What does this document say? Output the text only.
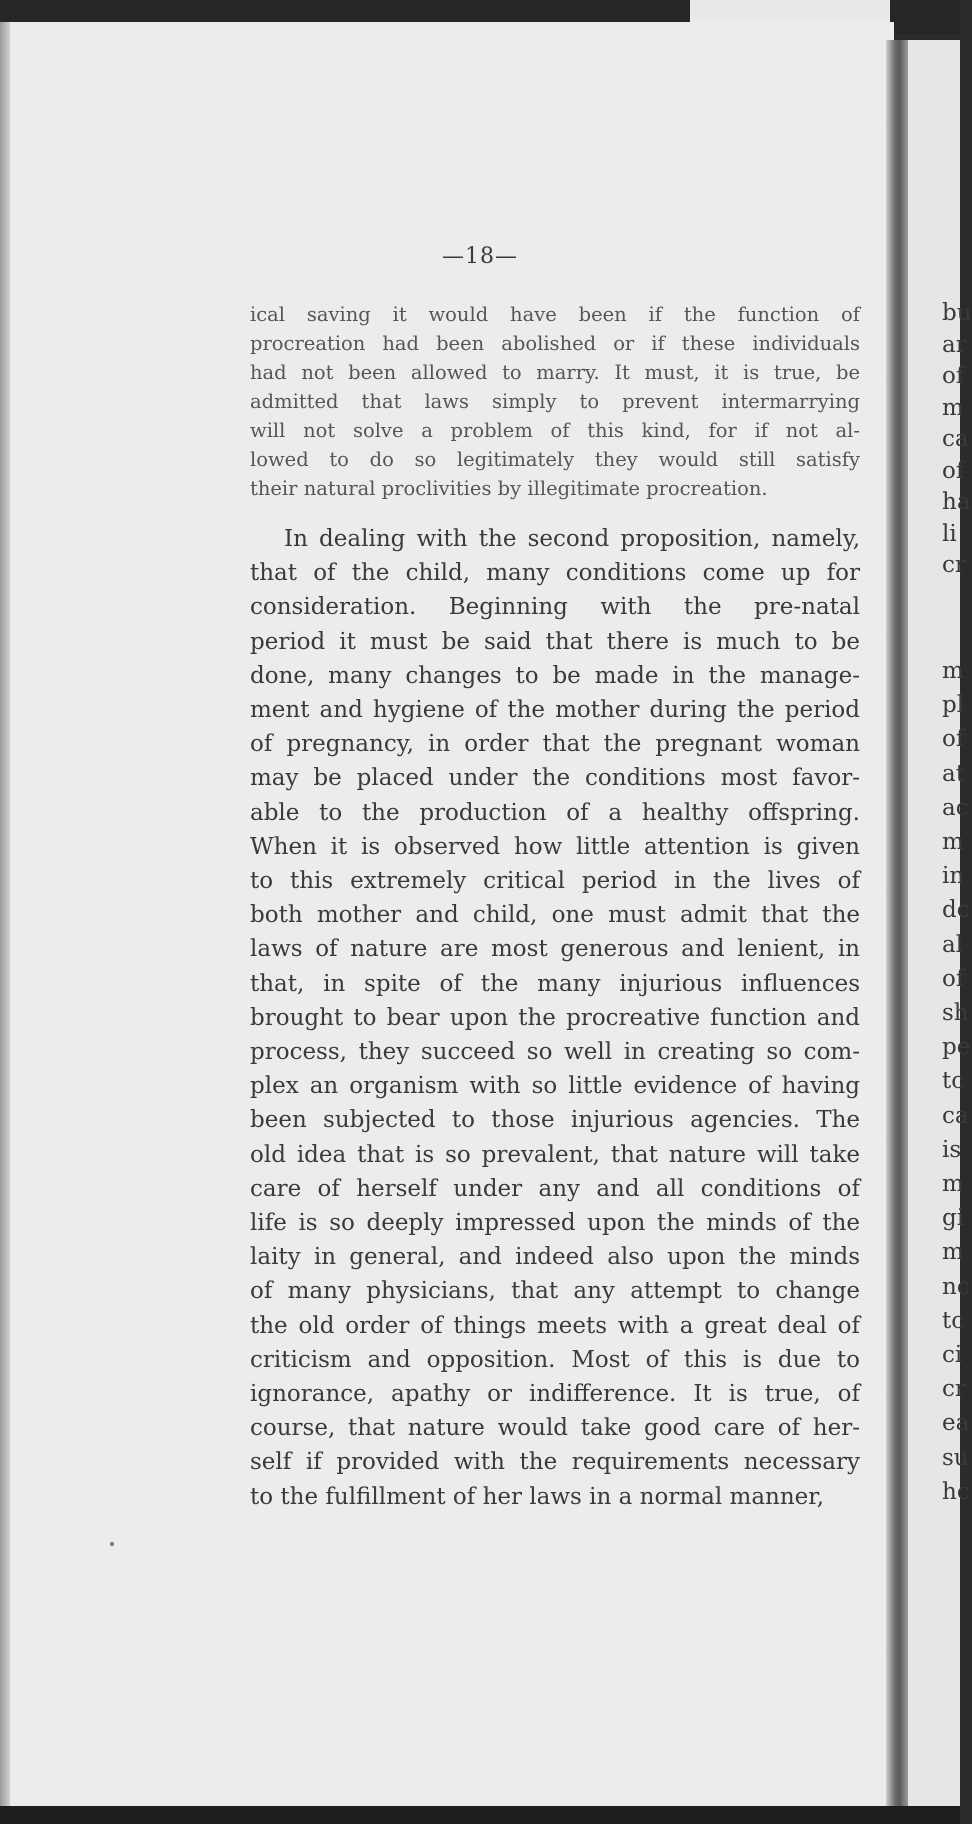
bu
ar
of
m
ca
of
ha
li
cr
m
pl
of
at
ac
m
in
dc
al
of
sh
pe
tc
ca
is
m
gi
m
nc
tc
ci
cr
ea
su
hc
—18—
ical saving it would have been if the function of
procreation had been abolished or if these individuals
had not been allowed to marry. It must, it is true, be
admitted that laws simply to prevent intermarrying
will not solve a problem of this kind, for if not al-
lowed to do so legitimately they would still satisfy
their natural proclivities by illegitimate procreation.
In dealing with the second proposition, namely,
that of the child, many conditions come up for
consideration. Beginning with the pre-natal
period it must be said that there is much to be
done, many changes to be made in the manage-
ment and hygiene of the mother during the period
of pregnancy, in order that the pregnant woman
may be placed under the conditions most favor-
able to the production of a healthy offspring.
When it is observed how little attention is given
to this extremely critical period in the lives of
both mother and child, one must admit that the
laws of nature are most generous and lenient, in
that, in spite of the many injurious influences
brought to bear upon the procreative function and
process, they succeed so well in creating so com-
plex an organism with so little evidence of having
been subjected to those injurious agencies. The
old idea that is so prevalent, that nature will take
care of herself under any and all conditions of
life is so deeply impressed upon the minds of the
laity in general, and indeed also upon the minds
of many physicians, that any attempt to change
the old order of things meets with a great deal of
criticism and opposition. Most of this is due to
ignorance, apathy or indifference. It is true, of
course, that nature would take good care of her-
self if provided with the requirements necessary
to the fulfillment of her laws in a normal manner,
